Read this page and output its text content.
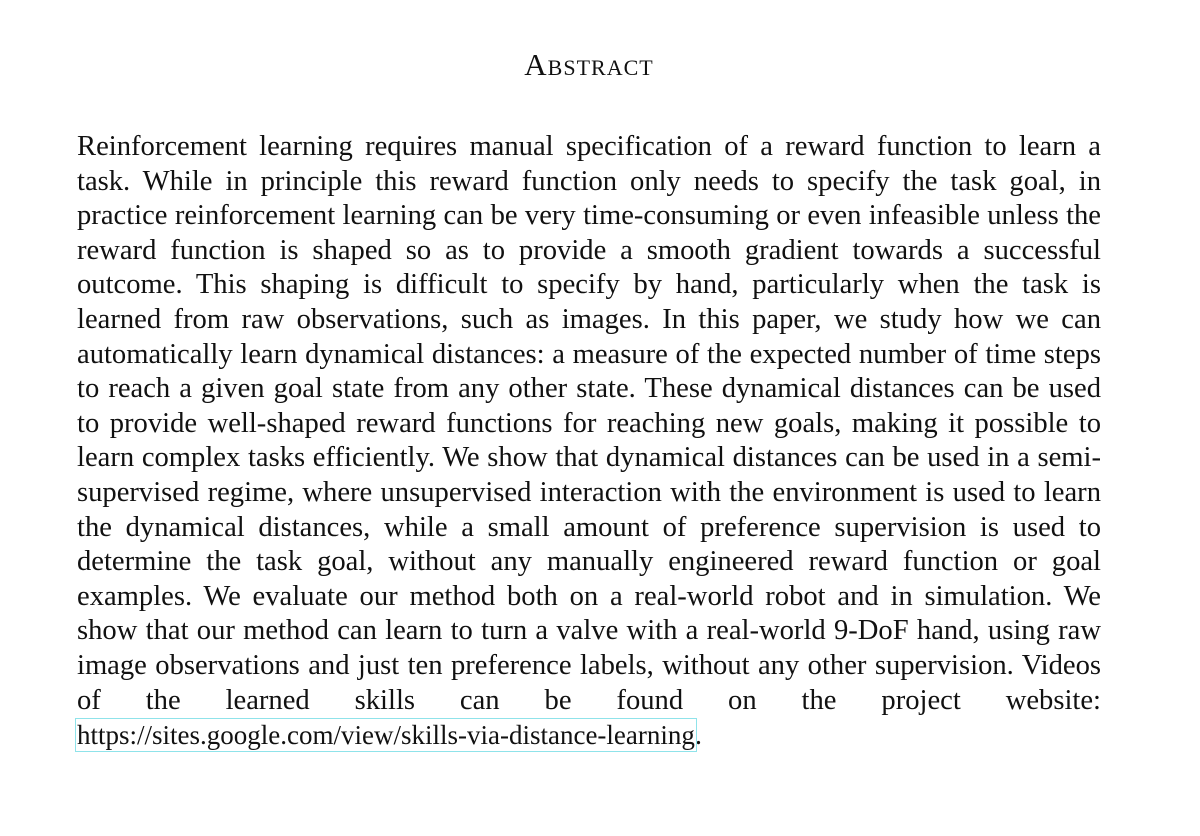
Abstract

Reinforcement learning requires manual specification of a reward function to learn a task. While in principle this reward function only needs to specify the task goal, in practice reinforcement learning can be very time-consuming or even infeasible unless the reward function is shaped so as to provide a smooth gradient towards a successful outcome. This shaping is difficult to specify by hand, particularly when the task is learned from raw observations, such as images. In this paper, we study how we can automatically learn dynamical distances: a measure of the expected number of time steps to reach a given goal state from any other state. These dynamical distances can be used to provide well-shaped reward functions for reaching new goals, making it possible to learn complex tasks efficiently. We show that dynamical distances can be used in a semi-supervised regime, where unsupervised interaction with the environment is used to learn the dynamical distances, while a small amount of preference supervision is used to determine the task goal, without any manually engineered reward function or goal examples. We evaluate our method both on a real-world robot and in simulation. We show that our method can learn to turn a valve with a real-world 9-DoF hand, using raw image observations and just ten preference labels, without any other supervision. Videos of the learned skills can be found on the project website: https://sites.google.com/view/skills-via-distance-learning.
